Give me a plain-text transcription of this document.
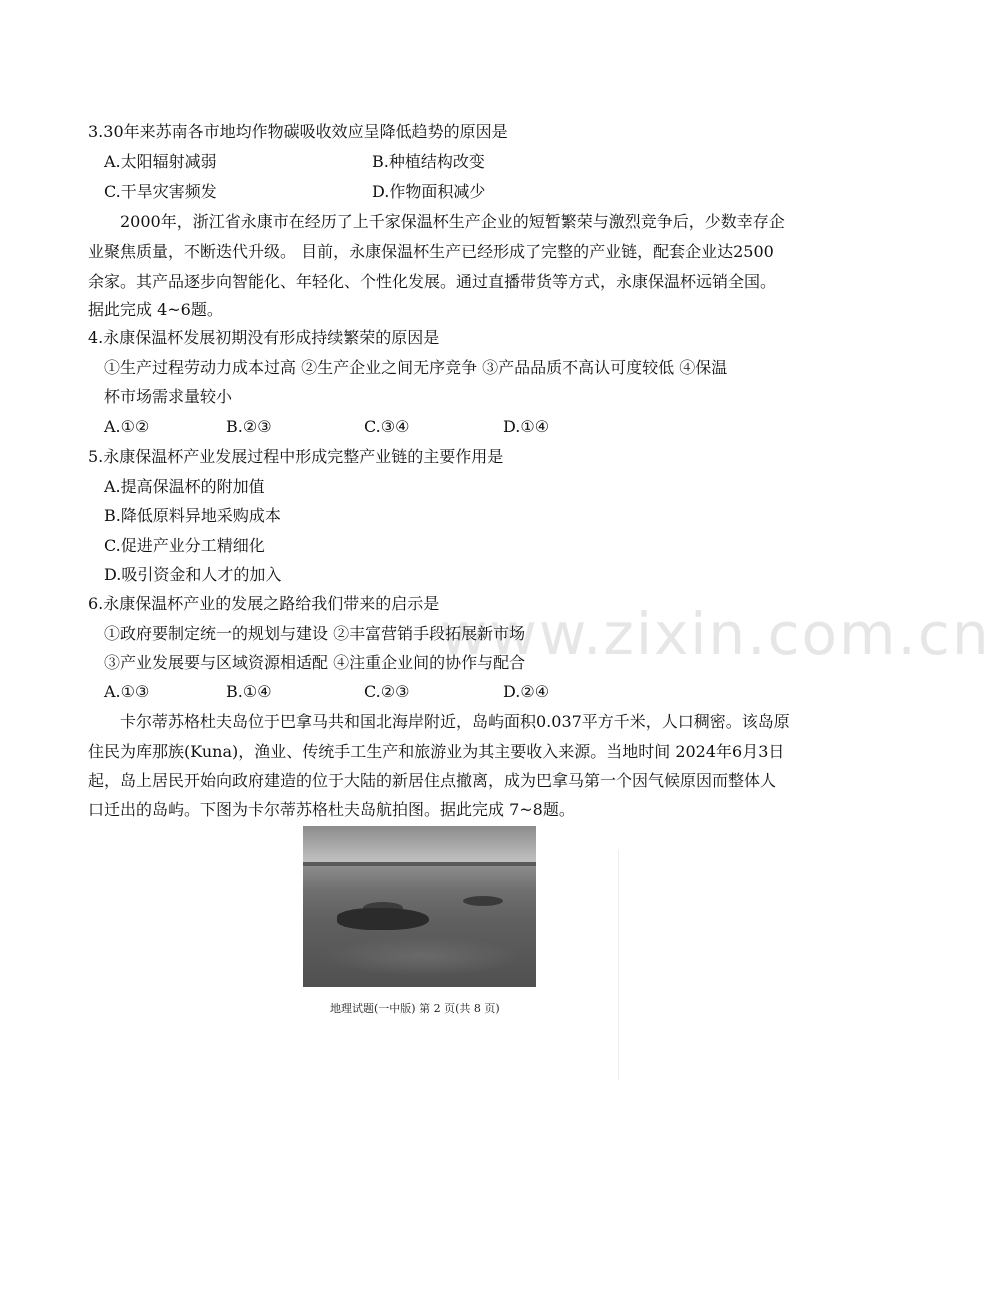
www.zixin.com.cn
3.30年来苏南各市地均作物碳吸收效应呈降低趋势的原因是
A.太阳辐射减弱	B.种植结构改变
C.干旱灾害频发	D.作物面积减少
2000年，浙江省永康市在经历了上千家保温杯生产企业的短暂繁荣与激烈竞争后，少数幸存企
业聚焦质量，不断迭代升级。 目前，永康保温杯生产已经形成了完整的产业链，配套企业达2500
余家。其产品逐步向智能化、年轻化、个性化发展。通过直播带货等方式，永康保温杯远销全国。
据此完成 4~6题。
4.永康保温杯发展初期没有形成持续繁荣的原因是
①生产过程劳动力成本过高 ②生产企业之间无序竞争 ③产品品质不高认可度较低 ④保温
杯市场需求量较小
A.①②	B.②③	C.③④	D.①④
5.永康保温杯产业发展过程中形成完整产业链的主要作用是
A.提高保温杯的附加值
B.降低原料异地采购成本
C.促进产业分工精细化
D.吸引资金和人才的加入
6.永康保温杯产业的发展之路给我们带来的启示是
①政府要制定统一的规划与建设 ②丰富营销手段拓展新市场
③产业发展要与区域资源相适配 ④注重企业间的协作与配合
A.①③	B.①④	C.②③	D.②④
卡尔蒂苏格杜夫岛位于巴拿马共和国北海岸附近，岛屿面积0.037平方千米，人口稠密。该岛原
住民为库那族(Kuna)，渔业、传统手工生产和旅游业为其主要收入来源。当地时间 2024年6月3日
起，岛上居民开始向政府建造的位于大陆的新居住点撤离，成为巴拿马第一个因气候原因而整体人
口迁出的岛屿。下图为卡尔蒂苏格杜夫岛航拍图。据此完成 7~8题。
地理试题(一中版) 第 2 页(共 8 页)
